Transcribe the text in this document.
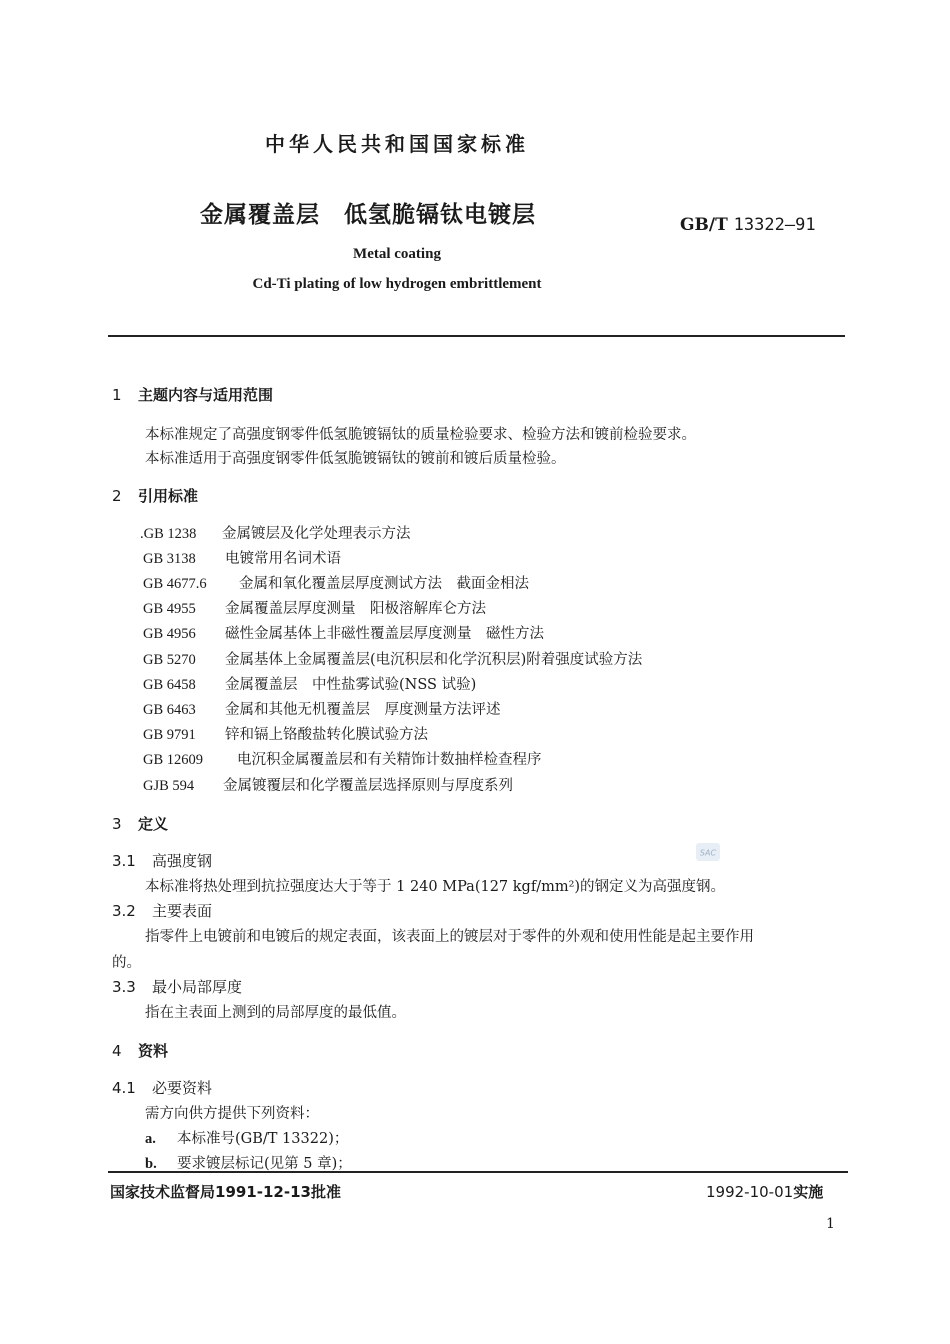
中华人民共和国国家标准
金属覆盖层　低氢脆镉钛电镀层	GB/T 13322—91
Metal coating
Cd-Ti plating of low hydrogen embrittlement
1 主题内容与适用范围
本标准规定了高强度钢零件低氢脆镀镉钛的质量检验要求、检验方法和镀前检验要求。
本标准适用于高强度钢零件低氢脆镀镉钛的镀前和镀后质量检验。
2 引用标准
.GB 1238 金属镀层及化学处理表示方法
GB 3138 电镀常用名词术语
GB 4677.6 金属和氧化覆盖层厚度测试方法　截面金相法
GB 4955 金属覆盖层厚度测量　阳极溶解库仑方法
GB 4956 磁性金属基体上非磁性覆盖层厚度测量　磁性方法
GB 5270 金属基体上金属覆盖层(电沉积层和化学沉积层)附着强度试验方法
GB 6458 金属覆盖层　中性盐雾试验(NSS 试验)
GB 6463 金属和其他无机覆盖层　厚度测量方法评述
GB 9791 锌和镉上铬酸盐转化膜试验方法
GB 12609 电沉积金属覆盖层和有关精饰计数抽样检查程序
GJB 594 金属镀覆层和化学覆盖层选择原则与厚度系列
3 定义
3.1 高强度钢
本标准将热处理到抗拉强度达大于等于 1 240 MPa(127 kgf/mm²)的钢定义为高强度钢。
3.2 主要表面
指零件上电镀前和电镀后的规定表面，该表面上的镀层对于零件的外观和使用性能是起主要作用
的。
3.3 最小局部厚度
指在主表面上测到的局部厚度的最低值。
4 资料
4.1 必要资料
需方向供方提供下列资料：
a. 本标准号(GB/T 13322)；
b. 要求镀层标记(见第 5 章)；
SAC
国家技术监督局1991-12-13批准	1992-10-01实施
1
